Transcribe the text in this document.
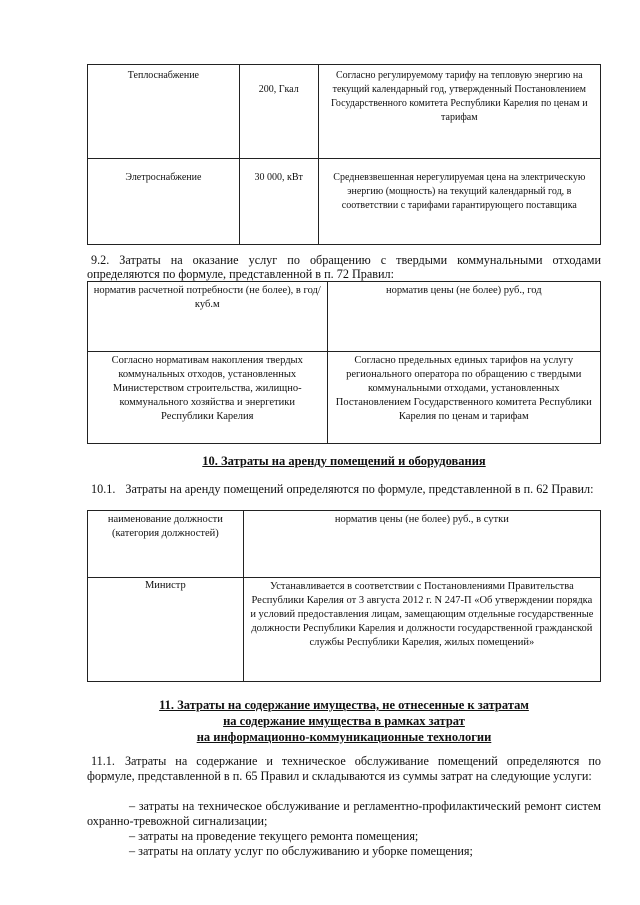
Теплоснабжение	200, Гкал	Согласно регулируемому тарифу на тепловую энергию на текущий календарный год, утвержденный Постановлением Государственного комитета Республики Карелия по ценам и тарифам
Элетроснабжение	30 000, кВт	Средневзвешенная нерегулируемая цена на электрическую энергию (мощность) на текущий календарный год, в соответствии с тарифами гарантирующего поставщика
9.2. Затраты на оказание услуг по обращению с твердыми коммунальными отходами определяются по формуле, представленной в п. 72 Правил:
норматив расчетной потребности (не более), в год/ куб.м	норматив цены (не более) руб., год
Согласно нормативам накопления твердых коммунальных отходов, установленных Министерством строительства, жилищно-коммунального хозяйства и энергетики Республики Карелия	Согласно предельных единых тарифов на услугу регионального оператора по обращению с твердыми коммунальными отходами, установленных Постановлением Государственного комитета Республики Карелия по ценам и тарифам
10. Затраты на аренду помещений и оборудования
10.1. Затраты на аренду помещений определяются по формуле, представленной в п. 62 Правил:
наименование должности (категория должностей)	норматив цены (не более) руб., в сутки
Министр	Устанавливается в соответствии с Постановлениями Правительства Республики Карелия от 3 августа 2012 г. N 247-П «Об утверждении порядка и условий предоставления лицам, замещающим отдельные государственные должности Республики Карелия и должности государственной гражданской службы Республики Карелия, жилых помещений»
11. Затраты на содержание имущества, не отнесенные к затратам
на содержание имущества в рамках затрат
на информационно-коммуникационные технологии
11.1. Затраты на содержание и техническое обслуживание помещений определяются по формуле, представленной в п. 65 Правил и складываются из суммы затрат на следующие услуги:
– затраты на техническое обслуживание и регламентно-профилактический ремонт систем охранно-тревожной сигнализации;
– затраты на проведение текущего ремонта помещения;
– затраты на оплату услуг по обслуживанию и уборке помещения;
